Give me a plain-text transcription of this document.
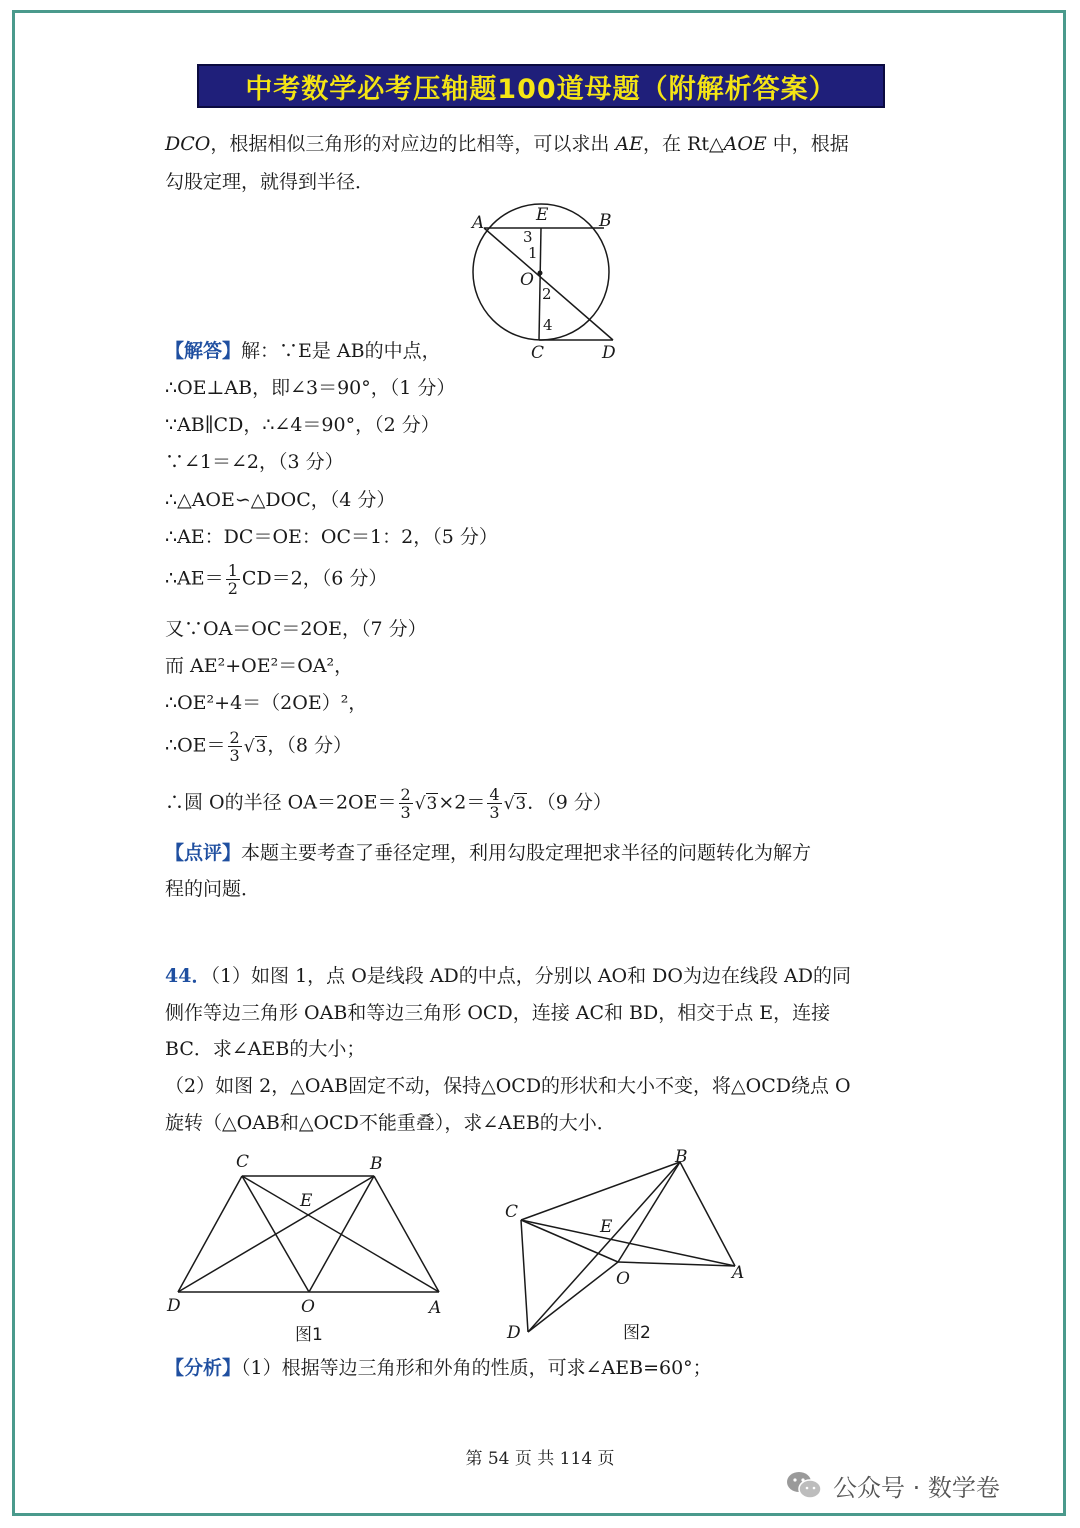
中考数学必考压轴题100道母题（附解析答案）
DCO，根据相似三角形的对应边的比相等，可以求出 AE，在 Rt△AOE 中，根据
勾股定理，就得到半径．
A	E	B
O
C	D
1
2
3
4
【解答】解：∵E是 AB的中点，
∴OE⊥AB，即∠3＝90°，（1 分）
∵AB∥CD，∴∠4＝90°，（2 分）
∵∠1＝∠2，（3 分）
∴△AOE∽△DOC，（4 分）
∴AE：DC＝OE：OC＝1：2，（5 分）
∴AE＝ $\frac{1}{2} CD=2$，（6 分）
又∵OA＝OC＝2OE，（7 分）
而 AE²+OE²＝OA²，
∴OE²+4＝（2OE）²，
∴OE＝ $\frac{2}{3} √3$，（8 分）
∴圆 O的半径 $OA=2OE= \frac{2}{3} √3\times 2= \frac{4}{3} √3$．（9 分）
【点评】本题主要考查了垂径定理，利用勾股定理把求半径的问题转化为解方
程的问题．
44．（1）如图 1，点 O是线段 AD的中点，分别以 AO和 DO为边在线段 AD的同
侧作等边三角形 OAB和等边三角形 OCD，连接 AC和 BD，相交于点 E，连接
BC．求∠AEB的大小；
（2）如图 2，△OAB固定不动，保持△OCD的形状和大小不变，将△OCD绕点 O
旋转（△OAB和△OCD不能重叠），求∠AEB的大小．
C	B
E
D	O	A
图1
B
C
E
O	A
D	图2
【分析】（1）根据等边三角形和外角的性质，可求∠AEB=60°；
第 54 页 共 114 页
公众号 · 数学卷
